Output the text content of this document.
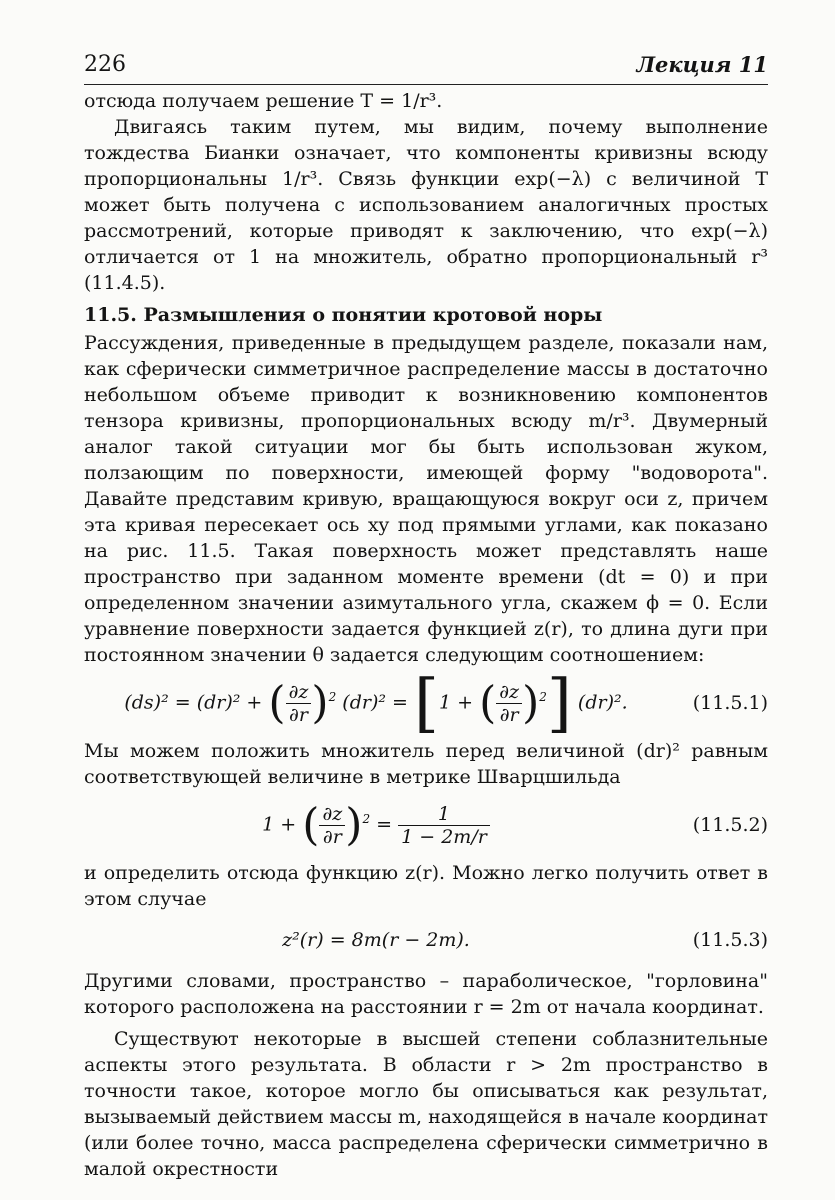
226	Лекция 11

отсюда получаем решение T = 1/r³.

Двигаясь таким путем, мы видим, почему выполнение тождества Бианки означает, что компоненты кривизны всюду пропорциональны 1/r³. Связь функции exp(−λ) с величиной T может быть получена с использованием аналогичных простых рассмотрений, которые приводят к заключению, что exp(−λ) отличается от 1 на множитель, обратно пропорциональный r³ (11.4.5).

11.5. Размышления о понятии кротовой норы

Рассуждения, приведенные в предыдущем разделе, показали нам, как сферически симметричное распределение массы в достаточно небольшом объеме приводит к возникновению компонентов тензора кривизны, пропорциональных всюду m/r³. Двумерный аналог такой ситуации мог бы быть использован жуком, ползающим по поверхности, имеющей форму "водоворота". Давайте представим кривую, вращающуюся вокруг оси z, причем эта кривая пересекает ось xy под прямыми углами, как показано на рис. 11.5. Такая поверхность может представлять наше пространство при заданном моменте времени (dt = 0) и при определенном значении азимутального угла, скажем ϕ = 0. Если уравнение поверхности задается функцией z(r), то длина дуги при постоянном значении θ задается следующим соотношением:

(ds)² = (dr)² + ( $\frac{\partial z}{\partial r} )^2$ (dr)² = [1 + ( $\frac{\partial z}{\partial r} )^2$] (dr)².	(11.5.1)

Мы можем положить множитель перед величиной (dr)² равным соответствующей величине в метрике Шварцшильда

1 + ( $\frac{\partial z}{\partial r} )^2 = \frac{1}{1 - 2m/r}$	(11.5.2)

и определить отсюда функцию z(r). Можно легко получить ответ в этом случае

z²(r) = 8m(r − 2m).	(11.5.3)

Другими словами, пространство – параболическое, "горловина" которого расположена на расстоянии r = 2m от начала координат.

Существуют некоторые в высшей степени соблазнительные аспекты этого результата. В области r > 2m пространство в точности такое, которое могло бы описываться как результат, вызываемый действием массы m, находящейся в начале координат (или более точно, масса распределена сферически симметрично в малой окрестности
